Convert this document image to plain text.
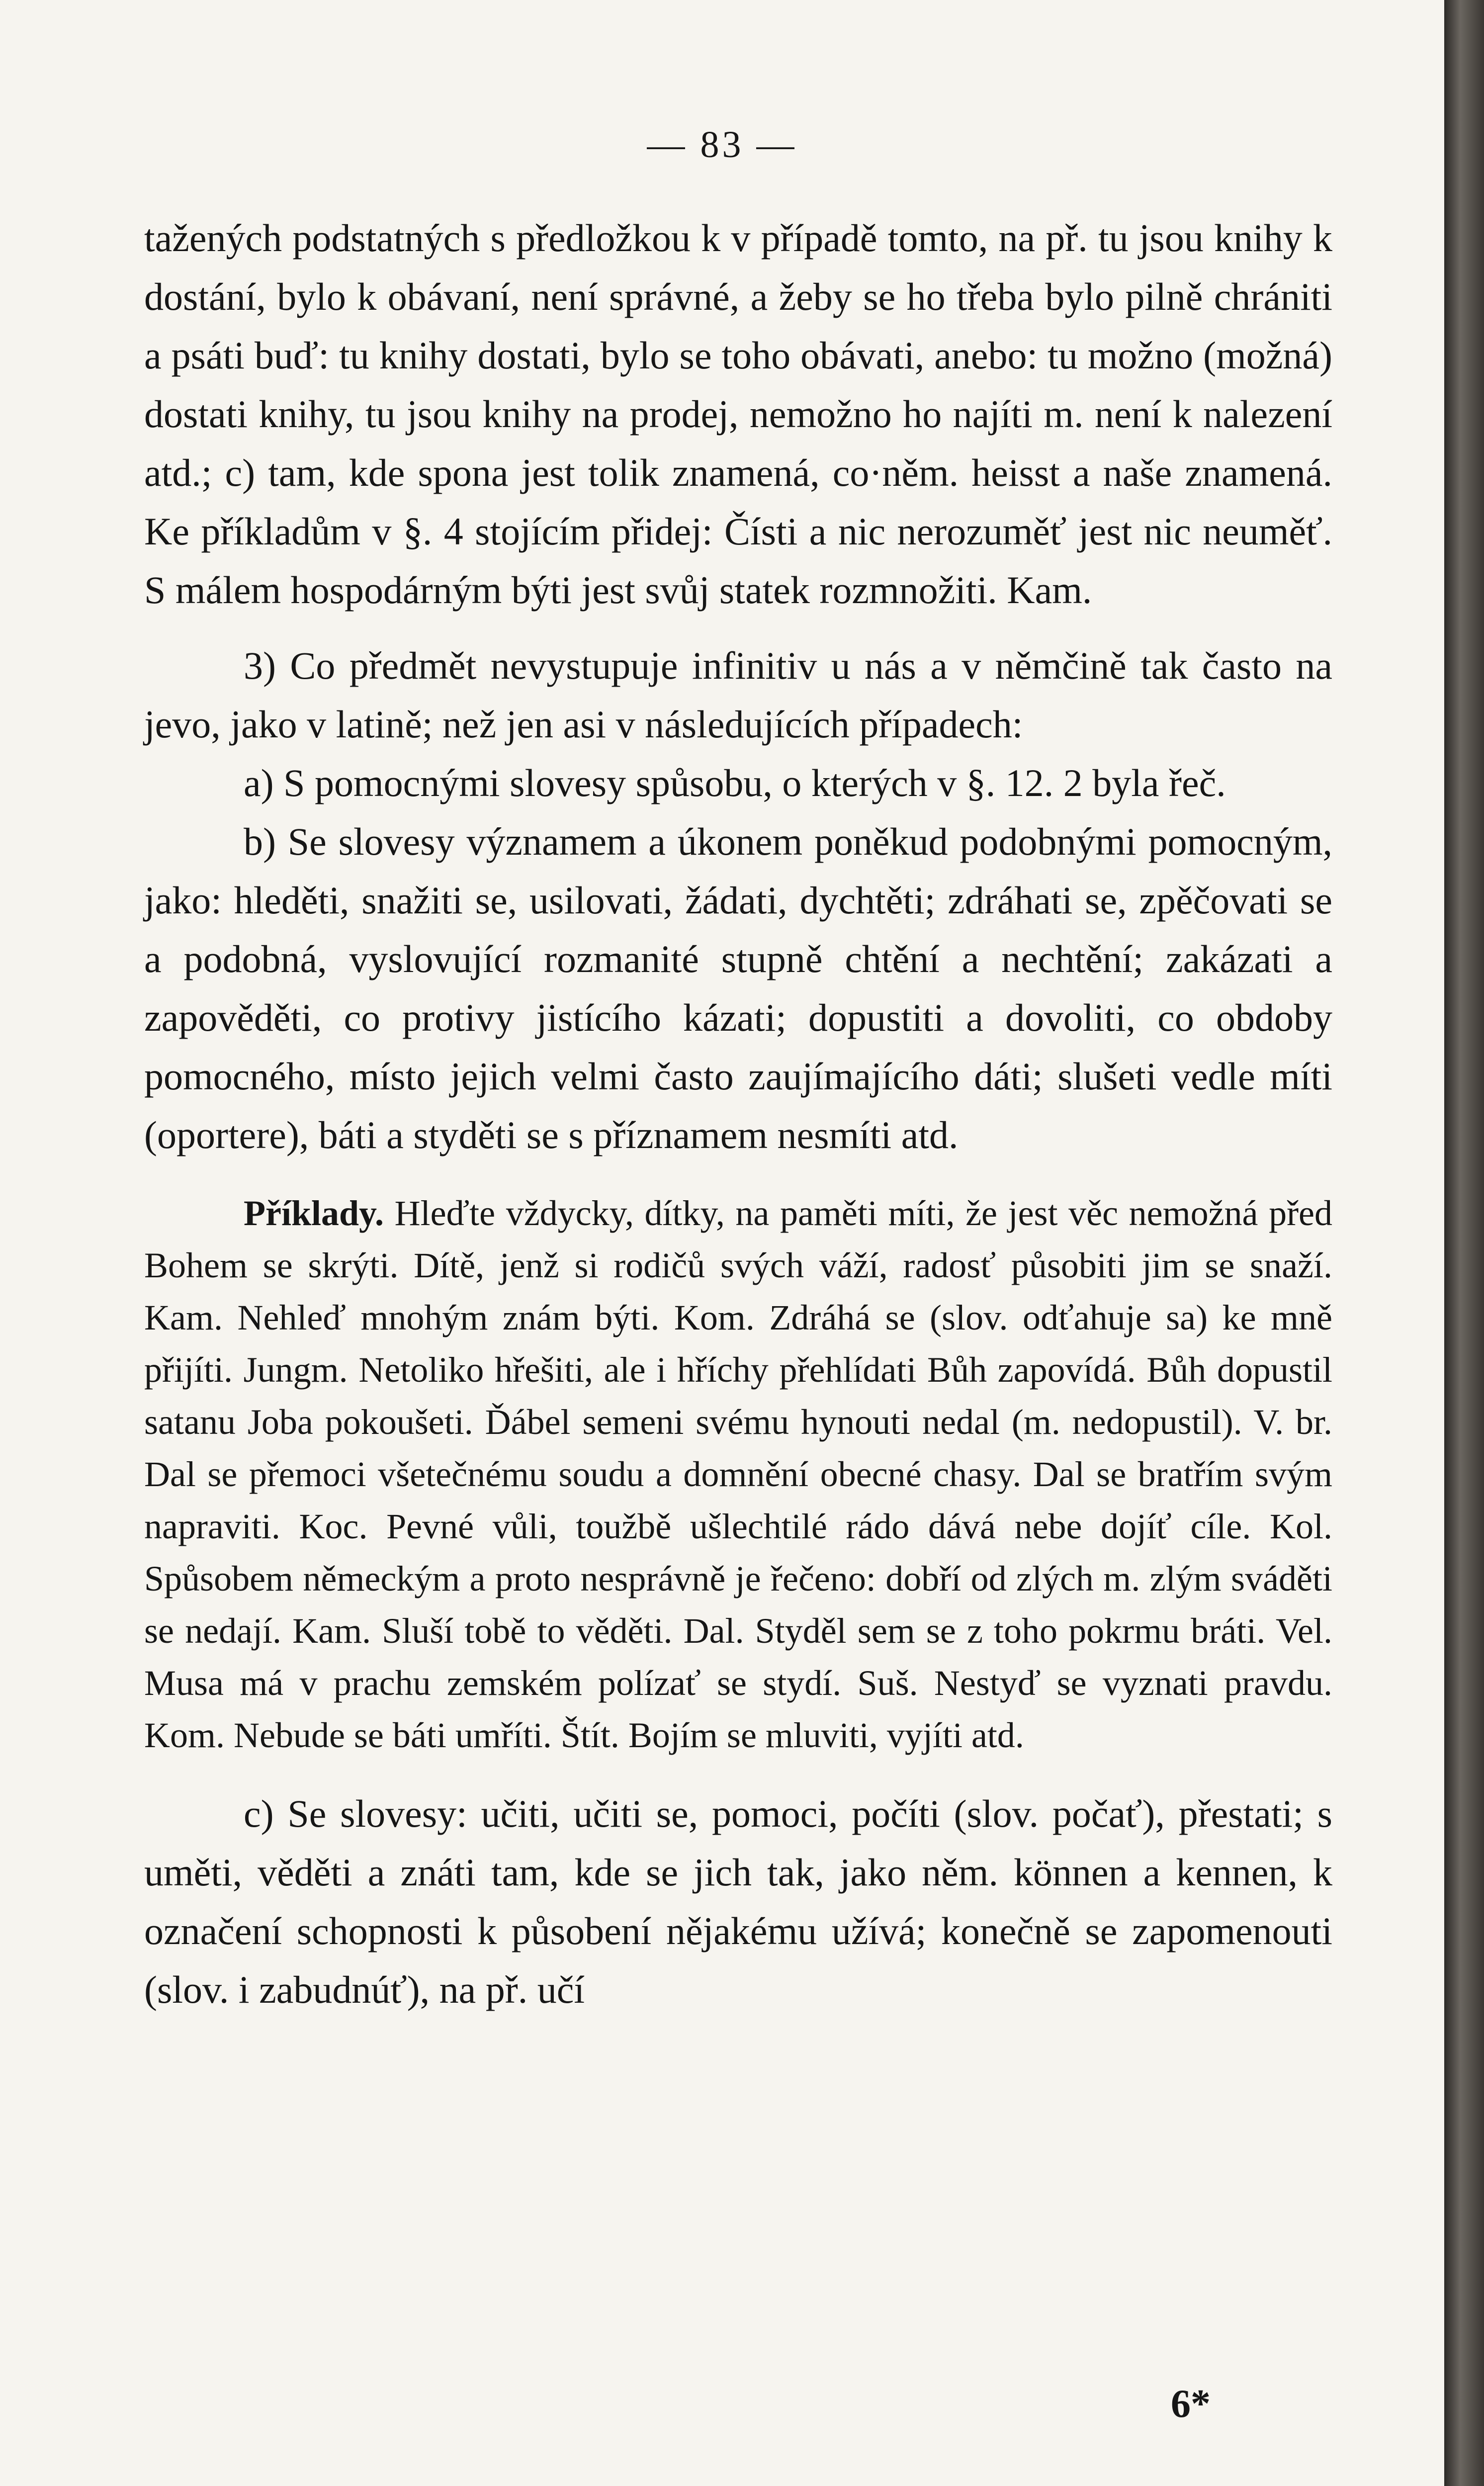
— 83 —

tažených podstatných s předložkou k v případě tomto, na př. tu jsou knihy k dostání, bylo k obávaní, není správné, a žeby se ho třeba bylo pilně chrániti a psáti buď: tu knihy dostati, bylo se toho obávati, anebo: tu možno (možná) dostati knihy, tu jsou knihy na prodej, nemožno ho najíti m. není k nalezení atd.; c) tam, kde spona jest tolik znamená, co·něm. heisst a naše znamená. Ke příkladům v §. 4 stojícím přidej: Čísti a nic nerozuměť jest nic neuměť. S málem hospodárným býti jest svůj statek rozmnožiti. Kam.

3) Co předmět nevystupuje infinitiv u nás a v němčině tak často na jevo, jako v latině; než jen asi v následujících případech:

a) S pomocnými slovesy spůsobu, o kterých v §. 12. 2 byla řeč.

b) Se slovesy významem a úkonem poněkud podobnými pomocným, jako: hleděti, snažiti se, usilovati, žádati, dychtěti; zdráhati se, zpěčovati se a podobná, vyslovující rozmanité stupně chtění a nechtění; zakázati a zapověděti, co protivy jistícího kázati; dopustiti a dovoliti, co obdoby pomocného, místo jejich velmi často zaujímajícího dáti; slušeti vedle míti (oportere), báti a styděti se s příznamem nesmíti atd.

Příklady. Hleďte vždycky, dítky, na paměti míti, že jest věc nemožná před Bohem se skrýti. Dítě, jenž si rodičů svých váží, radosť působiti jim se snaží. Kam. Nehleď mnohým znám býti. Kom. Zdráhá se (slov. odťahuje sa) ke mně přijíti. Jungm. Netoliko hřešiti, ale i hříchy přehlídati Bůh zapovídá. Bůh dopustil satanu Joba pokoušeti. Ďábel semeni svému hynouti nedal (m. nedopustil). V. br. Dal se přemoci všetečnému soudu a domnění obecné chasy. Dal se bratřím svým napraviti. Koc. Pevné vůli, toužbě ušlechtilé rádo dává nebe dojíť cíle. Kol. Spůsobem německým a proto nesprávně je řečeno: dobří od zlých m. zlým sváděti se nedají. Kam. Sluší tobě to věděti. Dal. Styděl sem se z toho pokrmu bráti. Vel. Musa má v prachu zemském polízať se stydí. Suš. Nestyď se vyznati pravdu. Kom. Nebude se báti umříti. Štít. Bojím se mluviti, vyjíti atd.

c) Se slovesy: učiti, učiti se, pomoci, počíti (slov. počať), přestati; s uměti, věděti a znáti tam, kde se jich tak, jako něm. können a kennen, k označení schopnosti k působení nějakému užívá; konečně se zapomenouti (slov. i zabudnúť), na př. učí

6*
